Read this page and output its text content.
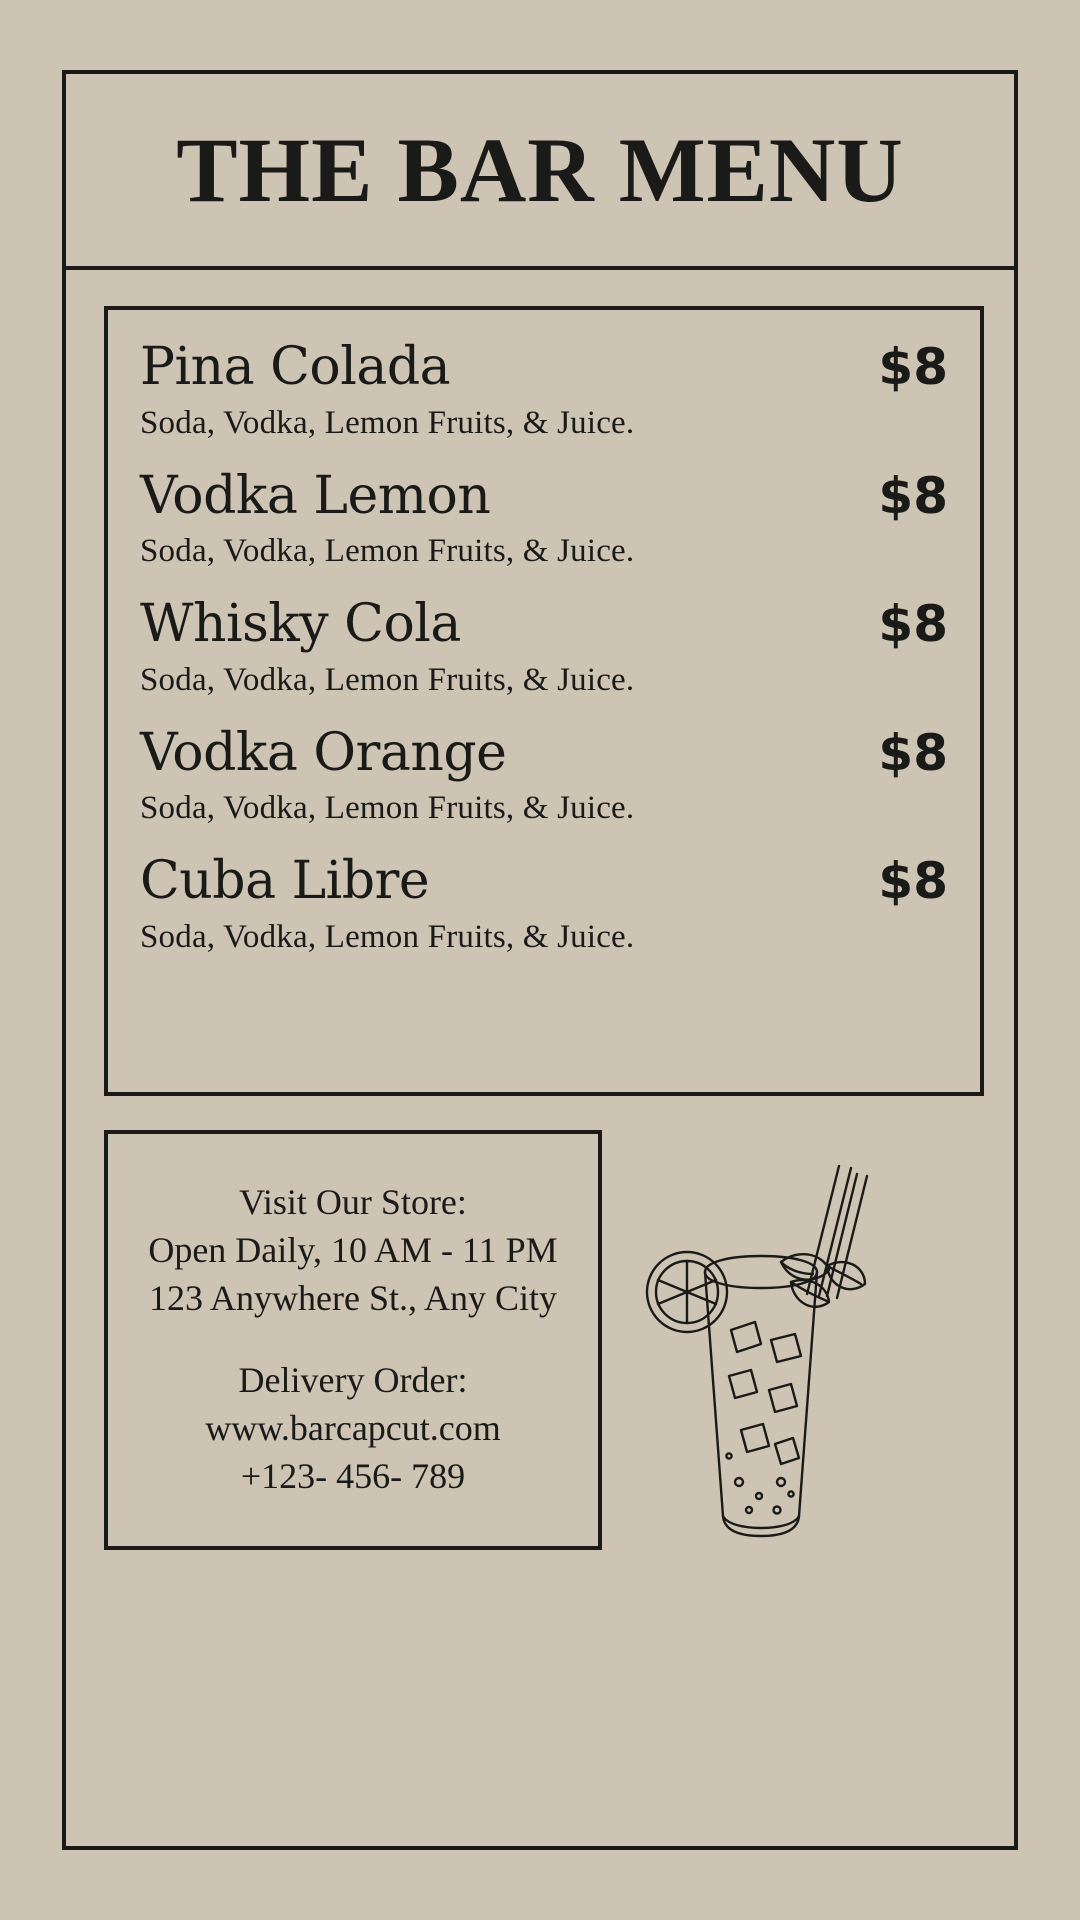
THE BAR MENU
Pina Colada	$8
Soda, Vodka, Lemon Fruits, & Juice.
Vodka Lemon	$8
Soda, Vodka, Lemon Fruits, & Juice.
Whisky Cola	$8
Soda, Vodka, Lemon Fruits, & Juice.
Vodka Orange	$8
Soda, Vodka, Lemon Fruits, & Juice.
Cuba Libre	$8
Soda, Vodka, Lemon Fruits, & Juice.
Visit Our Store:
Open Daily, 10 AM - 11 PM
123 Anywhere St., Any City
Delivery Order:
www.barcapcut.com
+123- 456- 789
